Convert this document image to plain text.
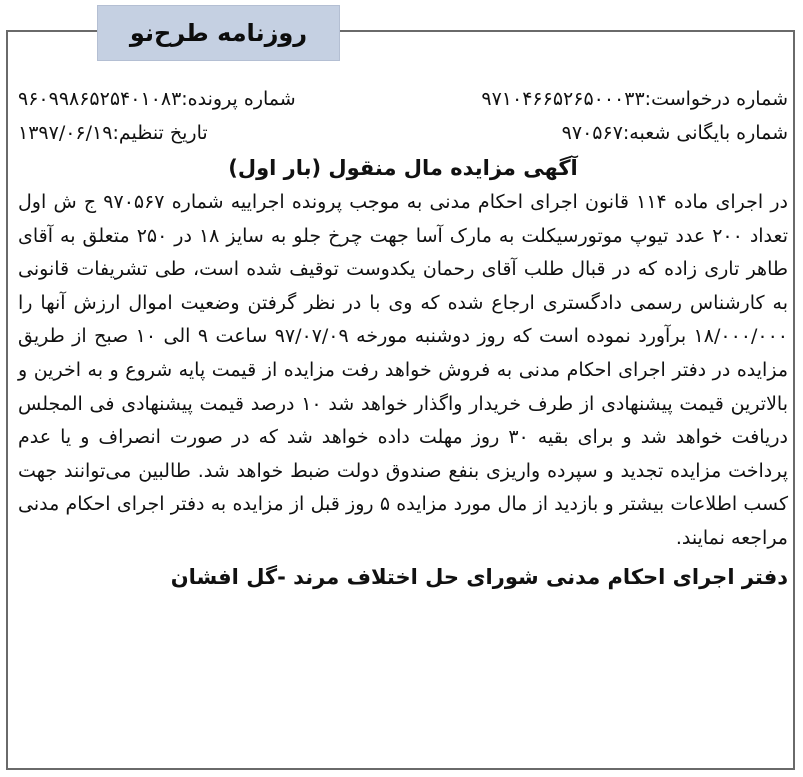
روزنامه طرح‌نو
شماره درخواست:۹۷۱۰۴۶۶۵۲۶۵۰۰۰۳۳
شماره پرونده:۹۶۰۹۹۸۶۵۲۵۴۰۱۰۸۳
شماره بایگانی شعبه:۹۷۰۵۶۷
تاریخ تنظیم:۱۳۹۷/۰۶/۱۹
آگهی مزایده مال منقول (بار اول)

در اجرای ماده ۱۱۴ قانون اجرای احکام مدنی به موجب پرونده اجراییه شماره ۹۷۰۵۶۷ ج ش اول تعداد ۲۰۰ عدد تیوپ موتورسیکلت به مارک آسا جهت چرخ جلو به سایز ۱۸ در ۲۵۰ متعلق به آقای طاهر تاری زاده که در قبال طلب آقای رحمان یکدوست توقیف شده است، طی تشریفات قانونی به کارشناس رسمی دادگستری ارجاع شده که وی با در نظر گرفتن وضعیت اموال ارزش آنها را ۱۸/۰۰۰/۰۰۰ برآورد نموده است که روز دوشنبه مورخه ۹۷/۰۷/۰۹ ساعت ۹ الی ۱۰ صبح از طریق مزایده در دفتر اجرای احکام مدنی به فروش خواهد رفت مزایده از قیمت پایه شروع و به اخرین و بالاترین قیمت پیشنهادی از طرف خریدار واگذار خواهد شد ۱۰ درصد قیمت پیشنهادی فی المجلس دریافت خواهد شد و برای بقیه ۳۰ روز مهلت داده خواهد شد که در صورت انصراف و یا عدم پرداخت مزایده تجدید و سپرده واریزی بنفع صندوق دولت ضبط خواهد شد. طالبین می‌توانند جهت کسب اطلاعات بیشتر و بازدید از مال مورد مزایده ۵ روز قبل از مزایده به دفتر اجرای احکام مدنی مراجعه نمایند.

دفتر اجرای احکام مدنی شورای حل اختلاف مرند -گل افشان
